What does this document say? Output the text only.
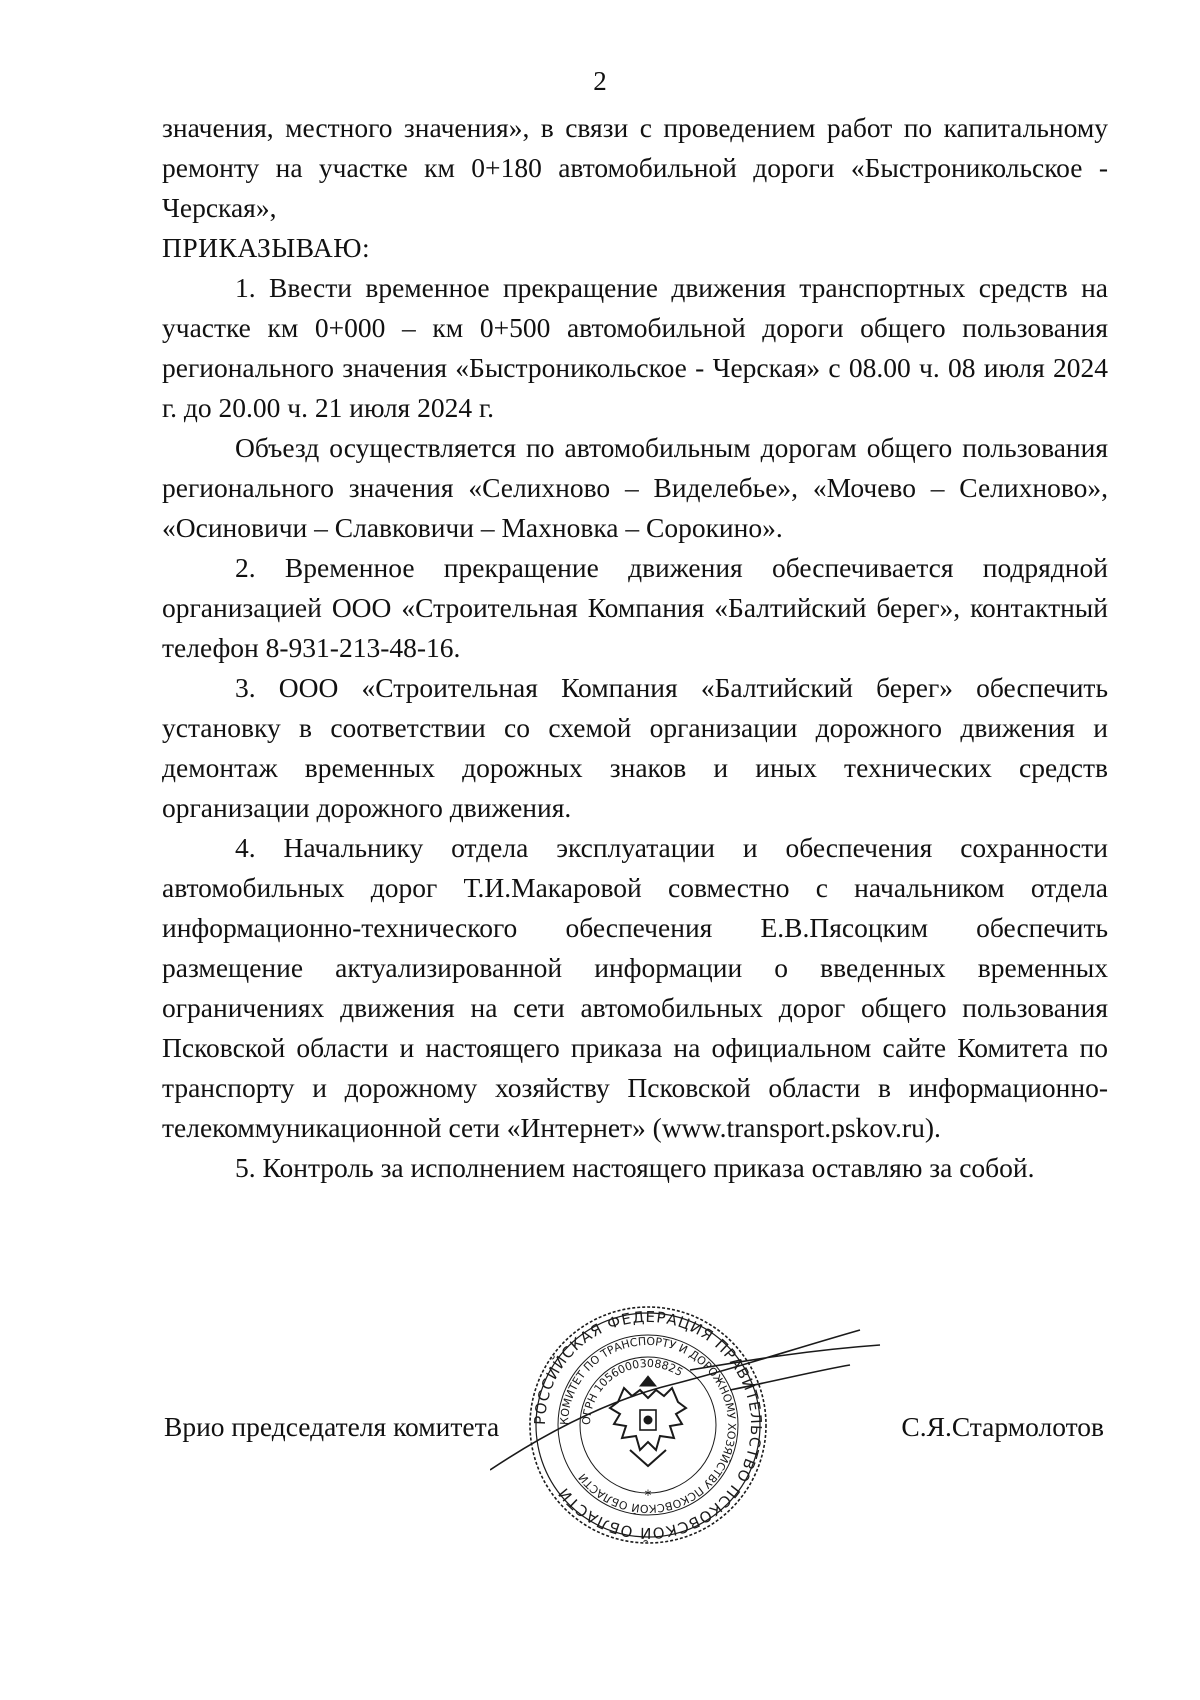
2

значения, местного значения», в связи с проведением работ по капитальному ремонту на участке км 0+180 автомобильной дороги «Быстроникольское - Черская»,

ПРИКАЗЫВАЮ:

1. Ввести временное прекращение движения транспортных средств на участке км 0+000 – км 0+500 автомобильной дороги общего пользования регионального значения «Быстроникольское - Черская» с 08.00 ч. 08 июля 2024 г. до 20.00 ч. 21 июля 2024 г.

Объезд осуществляется по автомобильным дорогам общего пользования регионального значения «Селихново – Виделебье», «Мочево – Селихново», «Осиновичи – Славковичи – Махновка – Сорокино».

2. Временное прекращение движения обеспечивается подрядной организацией ООО «Строительная Компания «Балтийский берег», контактный телефон 8-931-213-48-16.

3. ООО «Строительная Компания «Балтийский берег» обеспечить установку в соответствии со схемой организации дорожного движения и демонтаж временных дорожных знаков и иных технических средств организации дорожного движения.

4. Начальнику отдела эксплуатации и обеспечения сохранности автомобильных дорог Т.И.Макаровой совместно с начальником отдела информационно-технического обеспечения Е.В.Пясоцким обеспечить размещение актуализированной информации о введенных временных ограничениях движения на сети автомобильных дорог общего пользования Псковской области и настоящего приказа на официальном сайте Комитета по транспорту и дорожному хозяйству Псковской области в информационно-телекоммуникационной сети «Интернет» (www.transport.pskov.ru).

5. Контроль за исполнением настоящего приказа оставляю за собой.

РОССИЙСКАЯ ФЕДЕРАЦИЯ ПРАВИТЕЛЬСТВО ПСКОВСКОЙ ОБЛАСТИ
КОМИТЕТ ПО ТРАНСПОРТУ И ДОРОЖНОМУ ХОЗЯЙСТВУ ПСКОВСКОЙ ОБЛАСТИ
ОГРН 1056000308825
*
Врио председателя комитета	С.Я.Стармолотов
